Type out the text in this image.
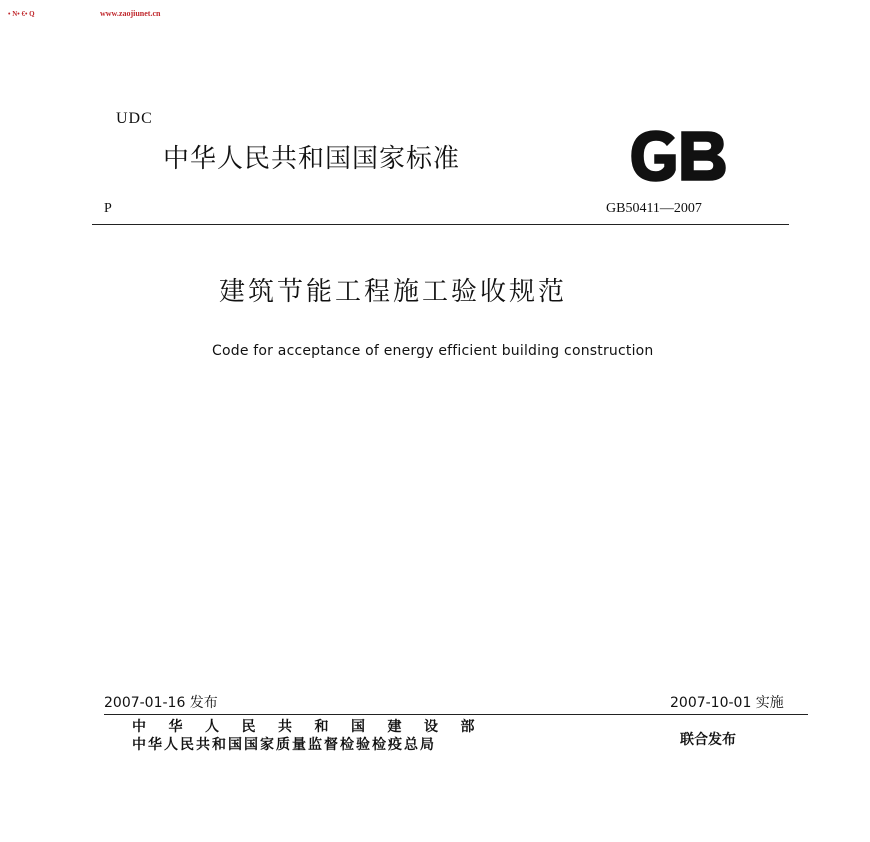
• N• €• Q	www.zaojiunet.cn
UDC
中华人民共和国国家标准
P	GB50411—2007
建筑节能工程施工验收规范
Code for acceptance of energy efficient building construction
2007-01-16 发布	2007-10-01 实施
中华人民共和国建设部
中华人民共和国国家质量监督检验检疫总局	联合发布
